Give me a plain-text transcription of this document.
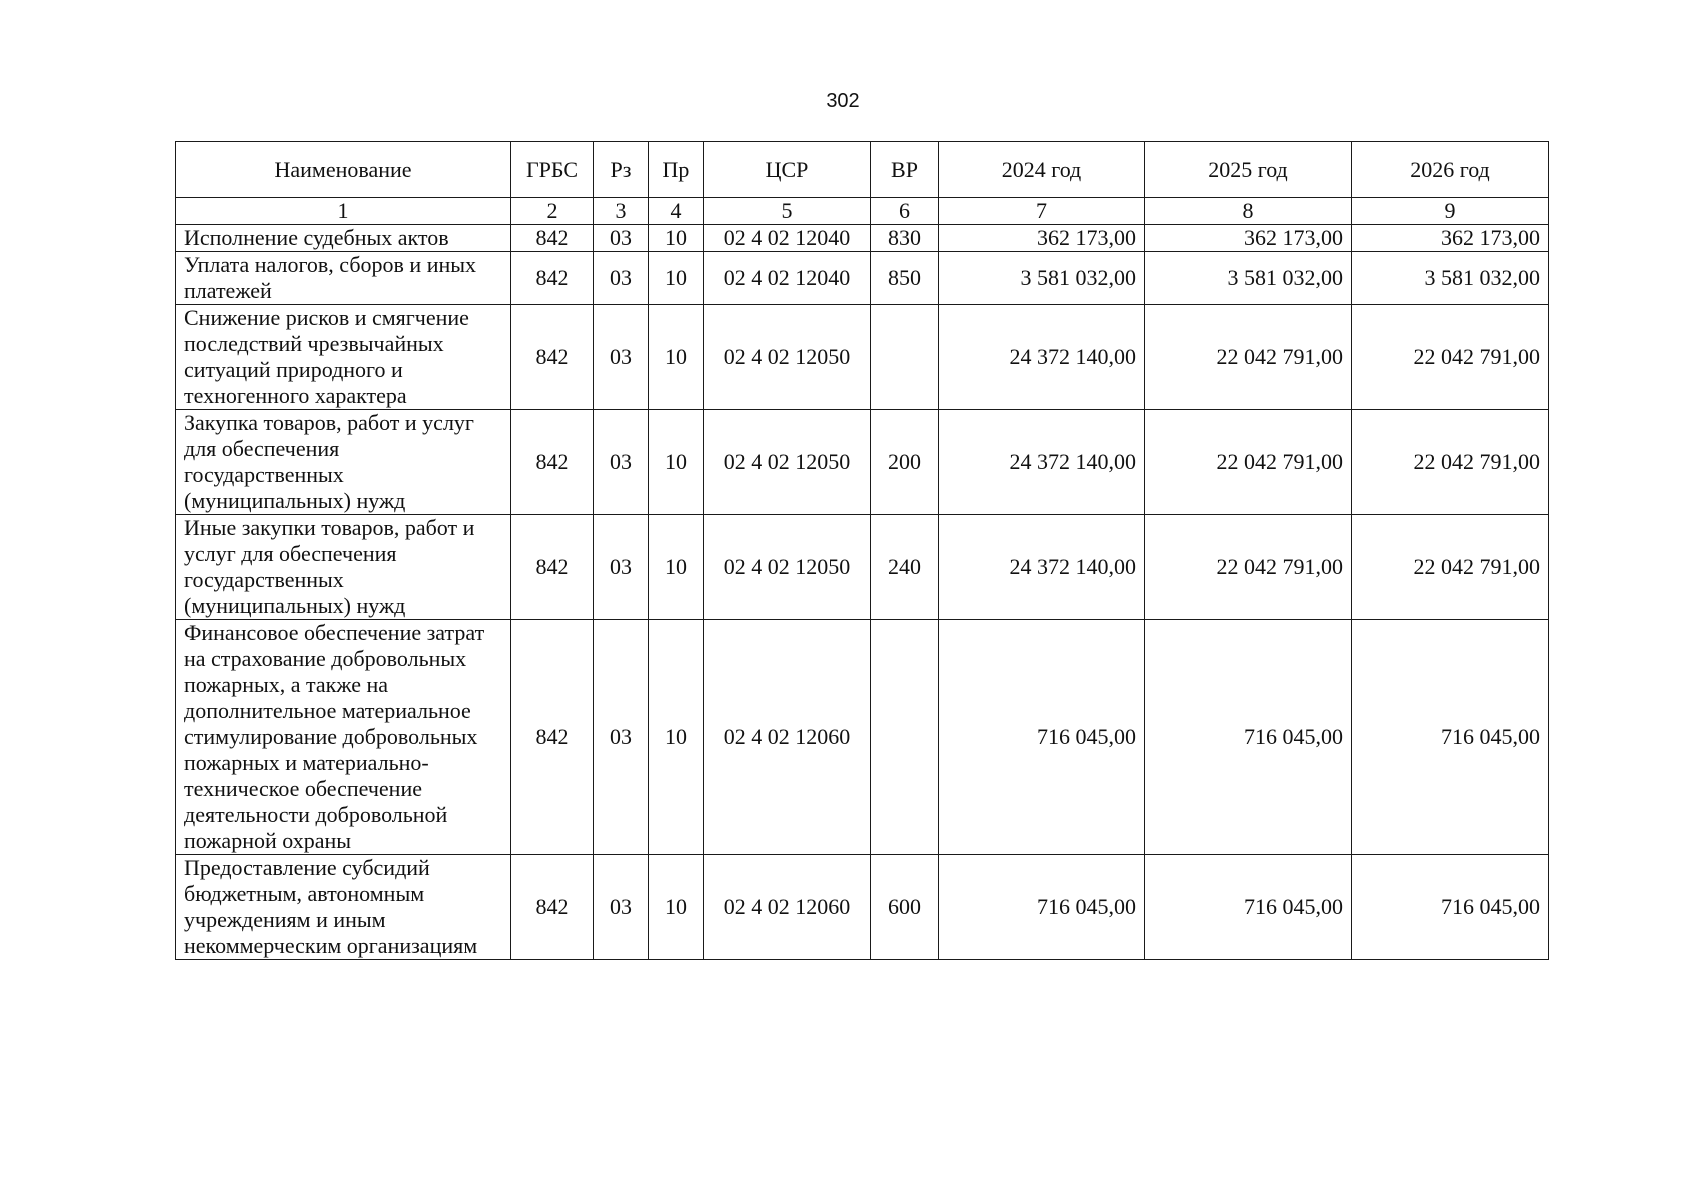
302
Наименование	ГРБС	Рз	Пр	ЦСР	ВР	2024 год	2025 год	2026 год
1	2	3	4	5	6	7	8	9
Исполнение судебных актов	842	03	10	02 4 02 12040	830	362 173,00	362 173,00	362 173,00
Уплата налогов, сборов и иных платежей	842	03	10	02 4 02 12040	850	3 581 032,00	3 581 032,00	3 581 032,00
Снижение рисков и смягчение последствий чрезвычайных ситуаций природного и техногенного характера	842	03	10	02 4 02 12050		24 372 140,00	22 042 791,00	22 042 791,00
Закупка товаров, работ и услуг для обеспечения государственных (муниципальных) нужд	842	03	10	02 4 02 12050	200	24 372 140,00	22 042 791,00	22 042 791,00
Иные закупки товаров, работ и услуг для обеспечения государственных (муниципальных) нужд	842	03	10	02 4 02 12050	240	24 372 140,00	22 042 791,00	22 042 791,00
Финансовое обеспечение затрат на страхование добровольных пожарных, а также на дополнительное материальное стимулирование добровольных пожарных и материально-техническое обеспечение деятельности добровольной пожарной охраны	842	03	10	02 4 02 12060		716 045,00	716 045,00	716 045,00
Предоставление субсидий бюджетным, автономным учреждениям и иным некоммерческим организациям	842	03	10	02 4 02 12060	600	716 045,00	716 045,00	716 045,00
